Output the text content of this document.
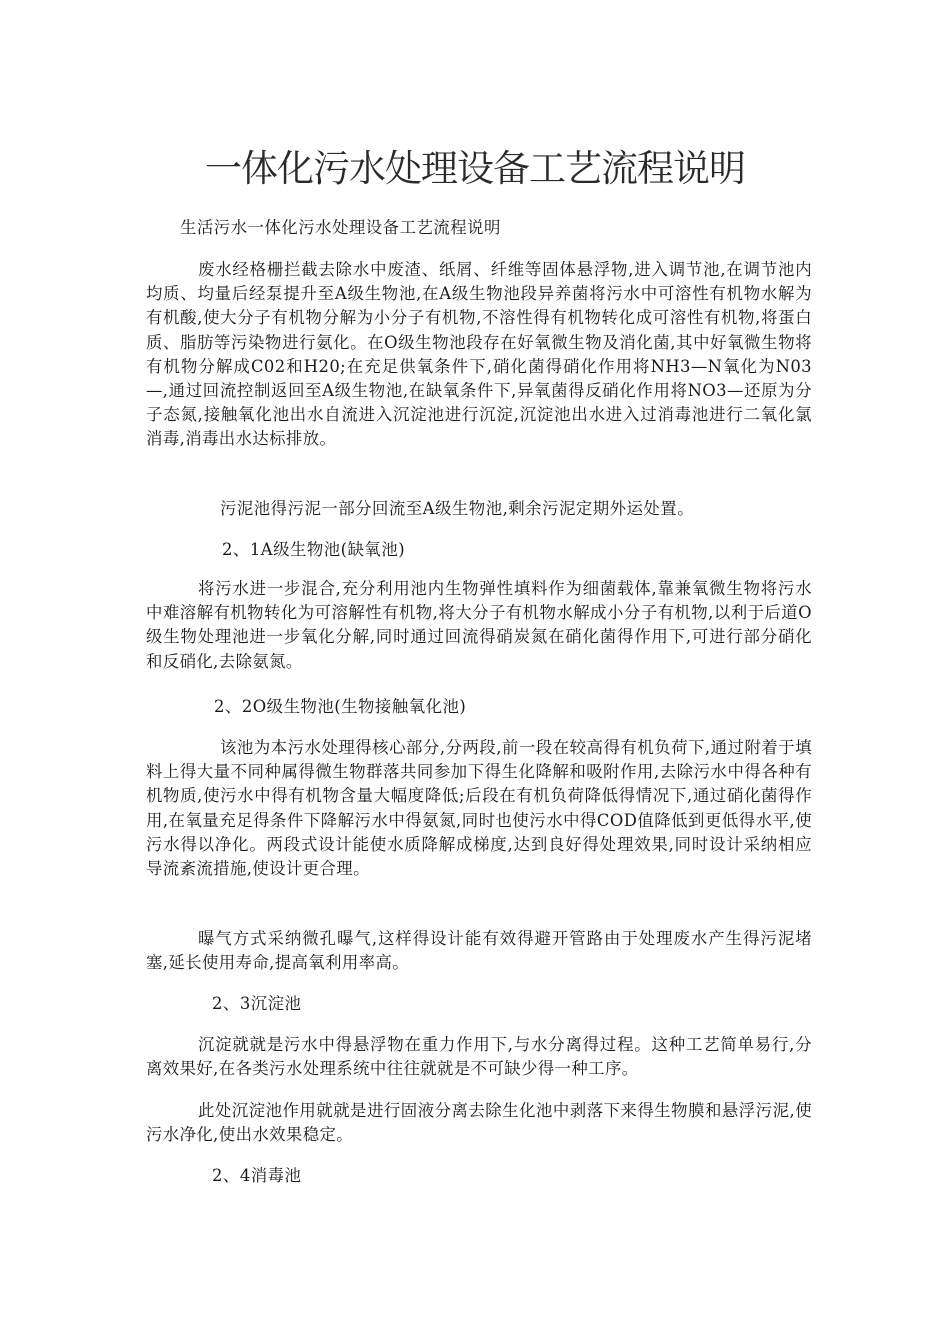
一体化污水处理设备工艺流程说明

生活污水一体化污水处理设备工艺流程说明

废水经格栅拦截去除水中废渣、纸屑、纤维等固体悬浮物,进入调节池,在调节池内均质、均量后经泵提升至A级生物池,在A级生物池段异养菌将污水中可溶性有机物水解为有机酸,使大分子有机物分解为小分子有机物,不溶性得有机物转化成可溶性有机物,将蛋白质、脂肪等污染物进行氨化。在O级生物池段存在好氧微生物及消化菌,其中好氧微生物将有机物分解成C02和H20;在充足供氧条件下,硝化菌得硝化作用将NH3—N氧化为N03—,通过回流控制返回至A级生物池,在缺氧条件下,异氧菌得反硝化作用将NO3—还原为分子态氮,接触氧化池出水自流进入沉淀池进行沉淀,沉淀池出水进入过消毒池进行二氧化氯消毒,消毒出水达标排放。

污泥池得污泥一部分回流至A级生物池,剩余污泥定期外运处置。

2、1A级生物池(缺氧池)

将污水进一步混合,充分利用池内生物弹性填料作为细菌载体,靠兼氧微生物将污水中难溶解有机物转化为可溶解性有机物,将大分子有机物水解成小分子有机物,以利于后道O级生物处理池进一步氧化分解,同时通过回流得硝炭氮在硝化菌得作用下,可进行部分硝化和反硝化,去除氨氮。

2、2O级生物池(生物接触氧化池)

该池为本污水处理得核心部分,分两段,前一段在较高得有机负荷下,通过附着于填料上得大量不同种属得微生物群落共同参加下得生化降解和吸附作用,去除污水中得各种有机物质,使污水中得有机物含量大幅度降低;后段在有机负荷降低得情况下,通过硝化菌得作用,在氧量充足得条件下降解污水中得氨氮,同时也使污水中得COD值降低到更低得水平,使污水得以净化。两段式设计能使水质降解成梯度,达到良好得处理效果,同时设计采纳相应导流紊流措施,使设计更合理。

曝气方式采纳微孔曝气,这样得设计能有效得避开管路由于处理废水产生得污泥堵塞,延长使用寿命,提高氧利用率高。

2、3沉淀池

沉淀就就是污水中得悬浮物在重力作用下,与水分离得过程。这种工艺简单易行,分离效果好,在各类污水处理系统中往往就就是不可缺少得一种工序。

此处沉淀池作用就就是进行固液分离去除生化池中剥落下来得生物膜和悬浮污泥,使污水净化,使出水效果稳定。

2、4消毒池
